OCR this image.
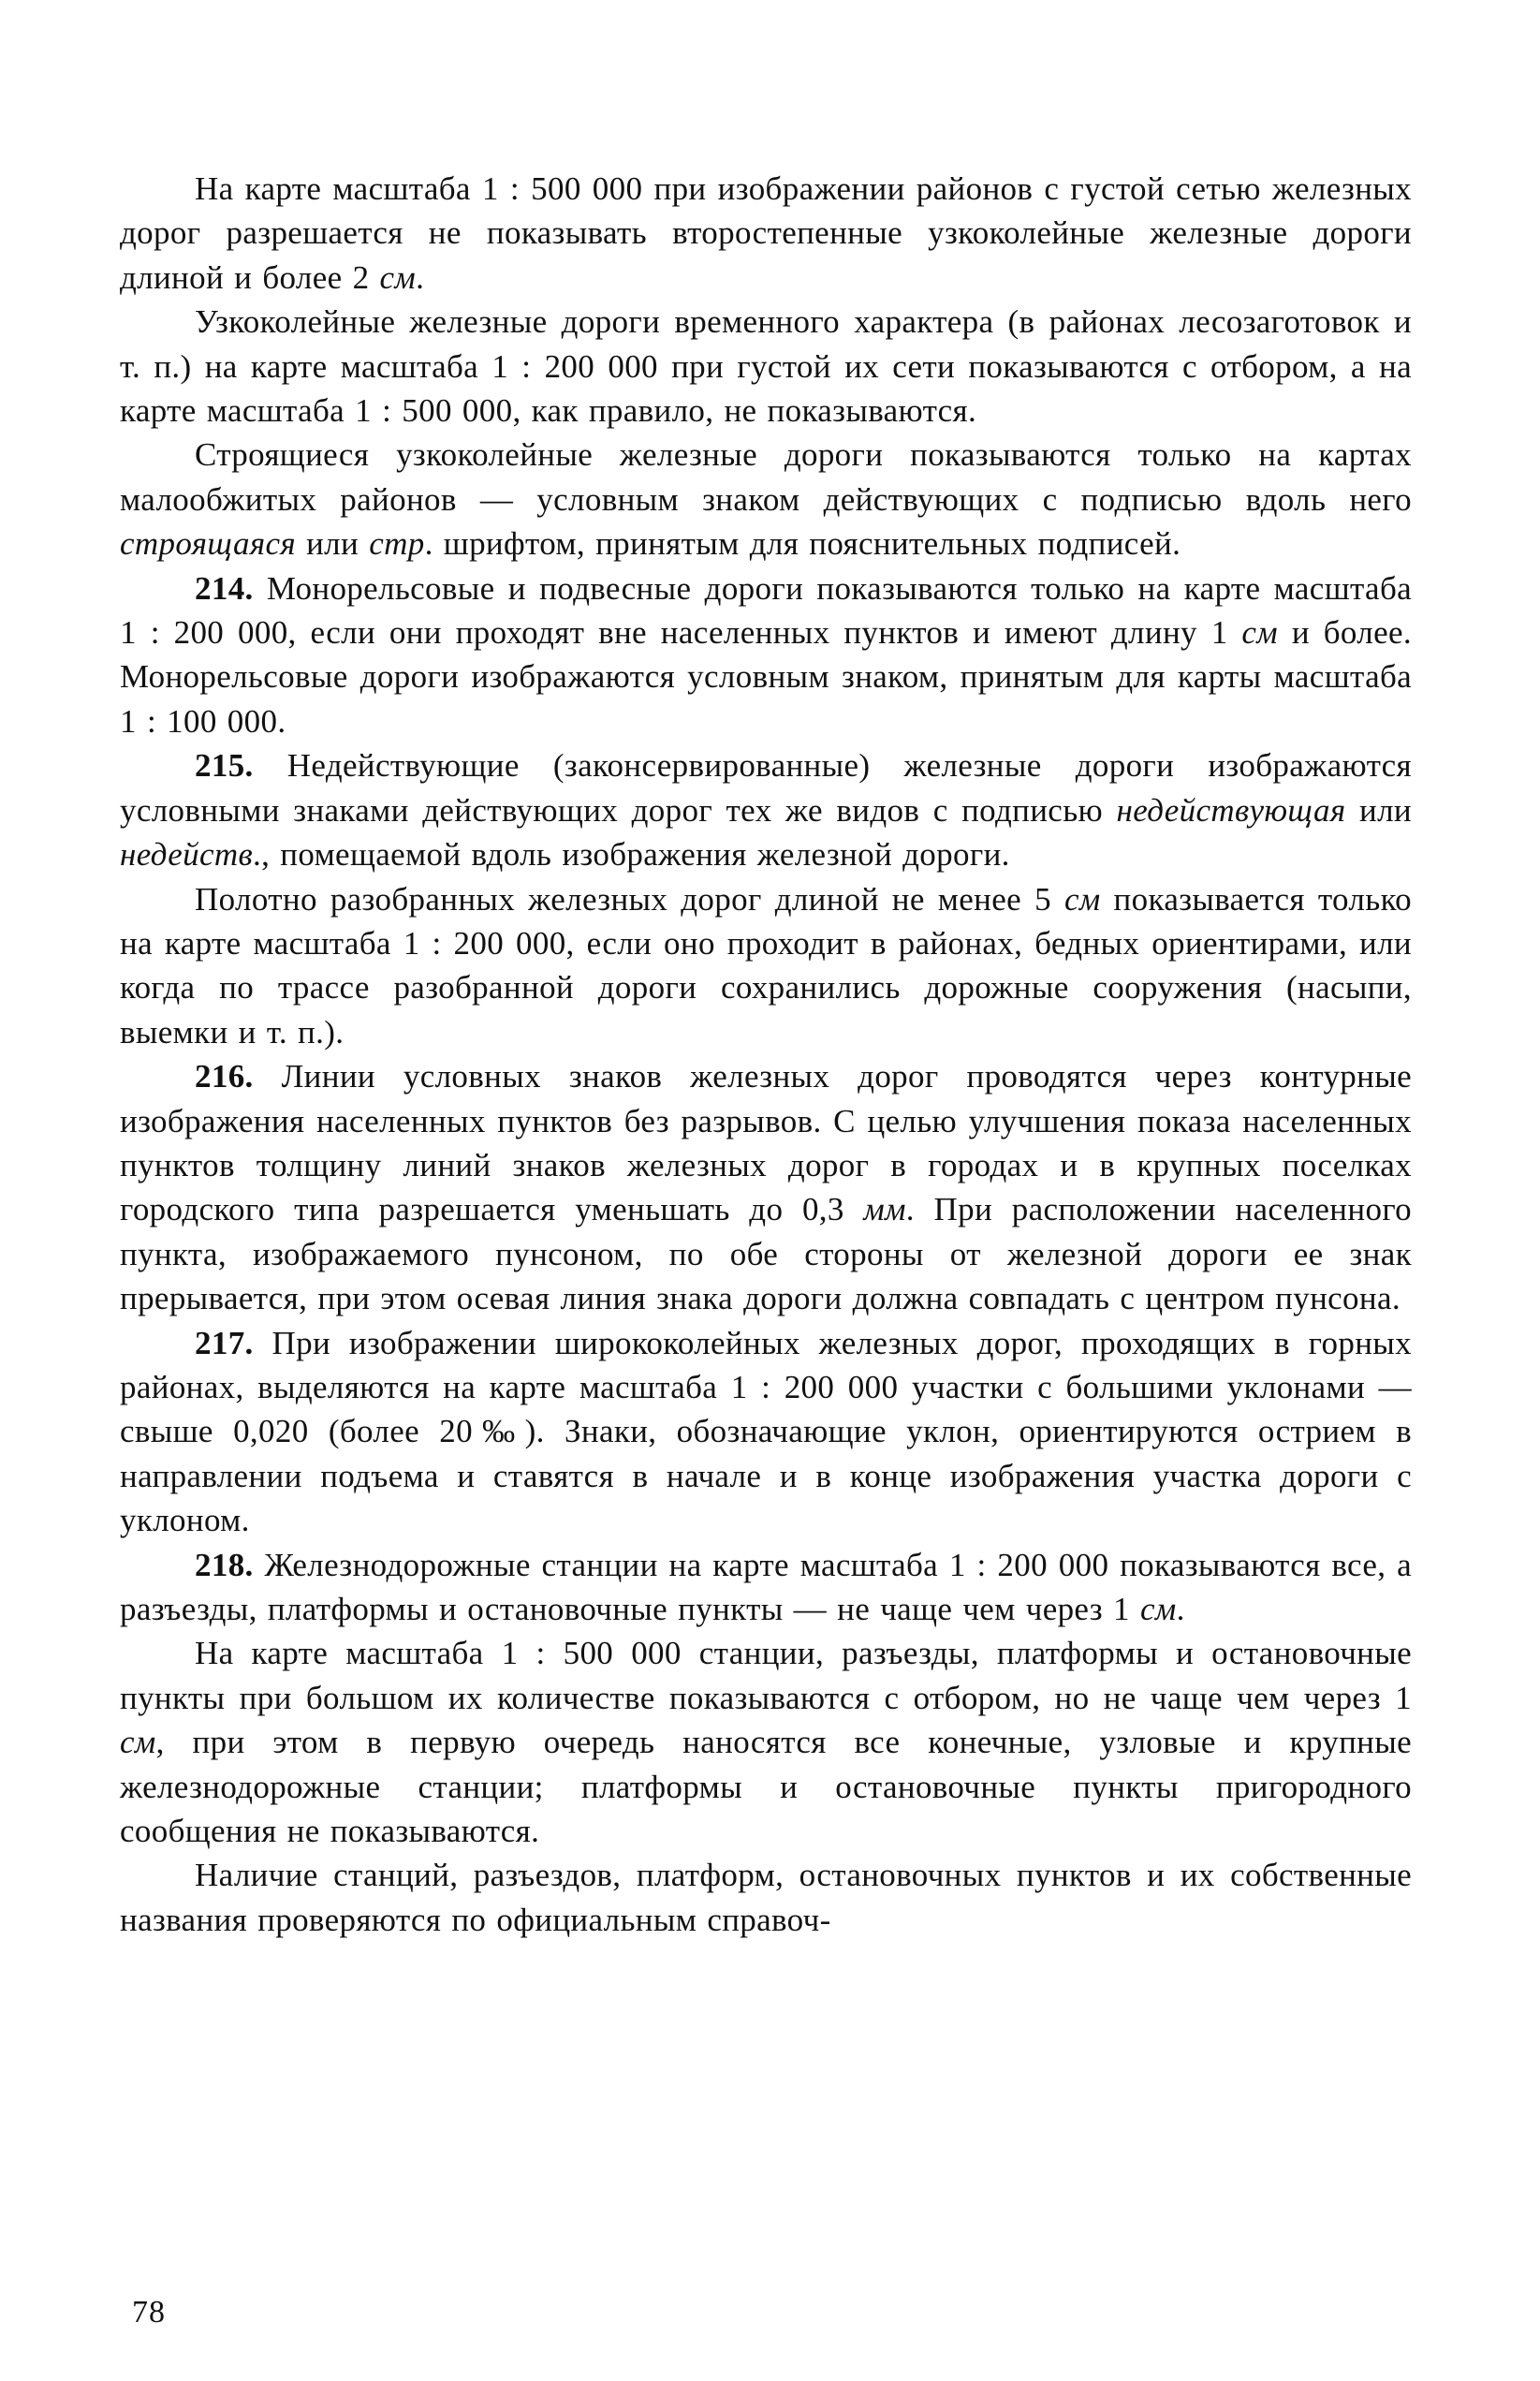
На карте масштаба 1 : 500 000 при изображении районов с густой сетью железных дорог разрешается не показывать второстепенные узкоколейные железные дороги длиной и более 2 см.

Узкоколейные железные дороги временного характера (в районах лесозаготовок и т. п.) на карте масштаба 1 : 200 000 при густой их сети показываются с отбором, а на карте масштаба 1 : 500 000, как правило, не показываются.

Строящиеся узкоколейные железные дороги показываются только на картах малообжитых районов — условным знаком действующих с подписью вдоль него строящаяся или стр. шрифтом, принятым для пояснительных подписей.

214. Монорельсовые и подвесные дороги показываются только на карте масштаба 1 : 200 000, если они проходят вне населенных пунктов и имеют длину 1 см и более. Монорельсовые дороги изображаются условным знаком, принятым для карты масштаба 1 : 100 000.

215. Недействующие (законсервированные) железные дороги изображаются условными знаками действующих дорог тех же видов с подписью недействующая или недейств., помещаемой вдоль изображения железной дороги.

Полотно разобранных железных дорог длиной не менее 5 см показывается только на карте масштаба 1 : 200 000, если оно проходит в районах, бедных ориентирами, или когда по трассе разобранной дороги сохранились дорожные сооружения (насыпи, выемки и т. п.).

216. Линии условных знаков железных дорог проводятся через контурные изображения населенных пунктов без разрывов. С целью улучшения показа населенных пунктов толщину линий знаков железных дорог в городах и в крупных поселках городского типа разрешается уменьшать до 0,3 мм. При расположении населенного пункта, изображаемого пунсоном, по обе стороны от железной дороги ее знак прерывается, при этом осевая линия знака дороги должна совпадать с центром пунсона.

217. При изображении ширококолейных железных дорог, проходящих в горных районах, выделяются на карте масштаба 1 : 200 000 участки с большими уклонами — свыше 0,020 (более 20‰). Знаки, обозначающие уклон, ориентируются острием в направлении подъема и ставятся в начале и в конце изображения участка дороги с уклоном.

218. Железнодорожные станции на карте масштаба 1 : 200 000 показываются все, а разъезды, платформы и остановочные пункты — не чаще чем через 1 см.

На карте масштаба 1 : 500 000 станции, разъезды, платформы и остановочные пункты при большом их количестве показываются с отбором, но не чаще чем через 1 см, при этом в первую очередь наносятся все конечные, узловые и крупные железнодорожные станции; платформы и остановочные пункты пригородного сообщения не показываются.

Наличие станций, разъездов, платформ, остановочных пунктов и их собственные названия проверяются по официальным справоч-

78
